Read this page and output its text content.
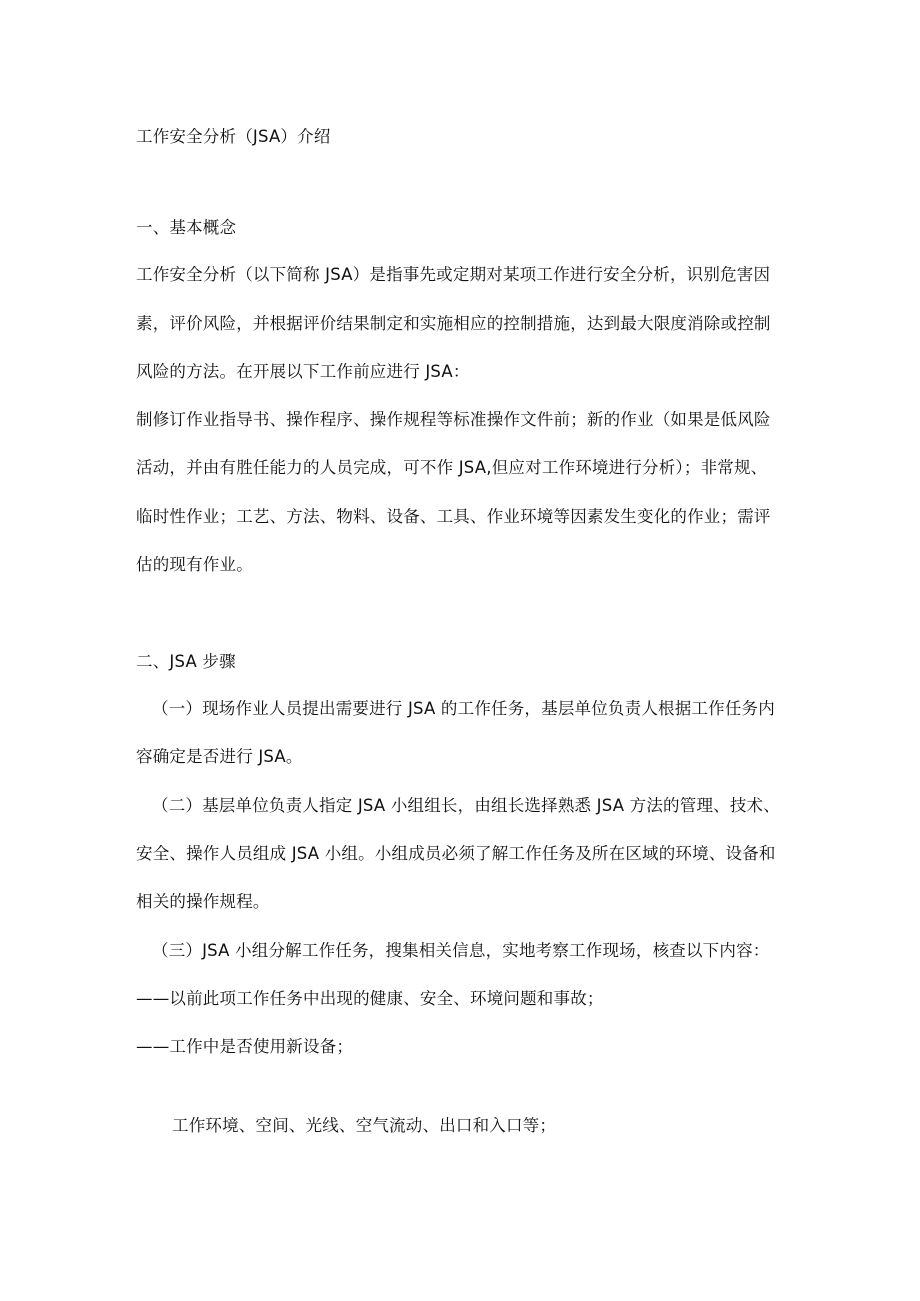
工作安全分析（JSA）介绍
一、基本概念
工作安全分析（以下简称 JSA）是指事先或定期对某项工作进行安全分析，识别危害因
素，评价风险，并根据评价结果制定和实施相应的控制措施，达到最大限度消除或控制
风险的方法。在开展以下工作前应进行 JSA：
制修订作业指导书、操作程序、操作规程等标准操作文件前；新的作业（如果是低风险
活动，并由有胜任能力的人员完成，可不作 JSA,但应对工作环境进行分析）；非常规、
临时性作业；工艺、方法、物料、设备、工具、作业环境等因素发生变化的作业；需评
估的现有作业。
二、JSA 步骤
（一）现场作业人员提出需要进行 JSA 的工作任务，基层单位负责人根据工作任务内
容确定是否进行 JSA。
（二）基层单位负责人指定 JSA 小组组长，由组长选择熟悉 JSA 方法的管理、技术、
安全、操作人员组成 JSA 小组。小组成员必须了解工作任务及所在区域的环境、设备和
相关的操作规程。
（三）JSA 小组分解工作任务，搜集相关信息，实地考察工作现场，核查以下内容：
——以前此项工作任务中出现的健康、安全、环境问题和事故；
——工作中是否使用新设备；
工作环境、空间、光线、空气流动、出口和入口等；
